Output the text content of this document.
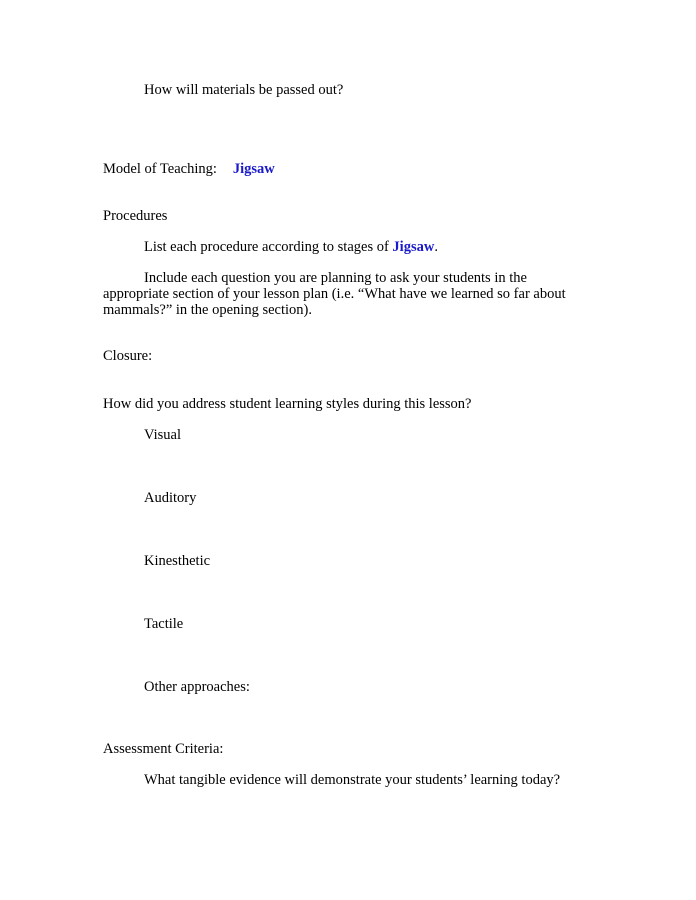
How will materials be passed out?
Model of Teaching: Jigsaw
Procedures
List each procedure according to stages of Jigsaw.
Include each question you are planning to ask your students in the appropriate section of your lesson plan (i.e. “What have we learned so far about mammals?” in the opening section).
Closure:
How did you address student learning styles during this lesson?
Visual
Auditory
Kinesthetic
Tactile
Other approaches:
Assessment Criteria:
What tangible evidence will demonstrate your students’ learning today?
